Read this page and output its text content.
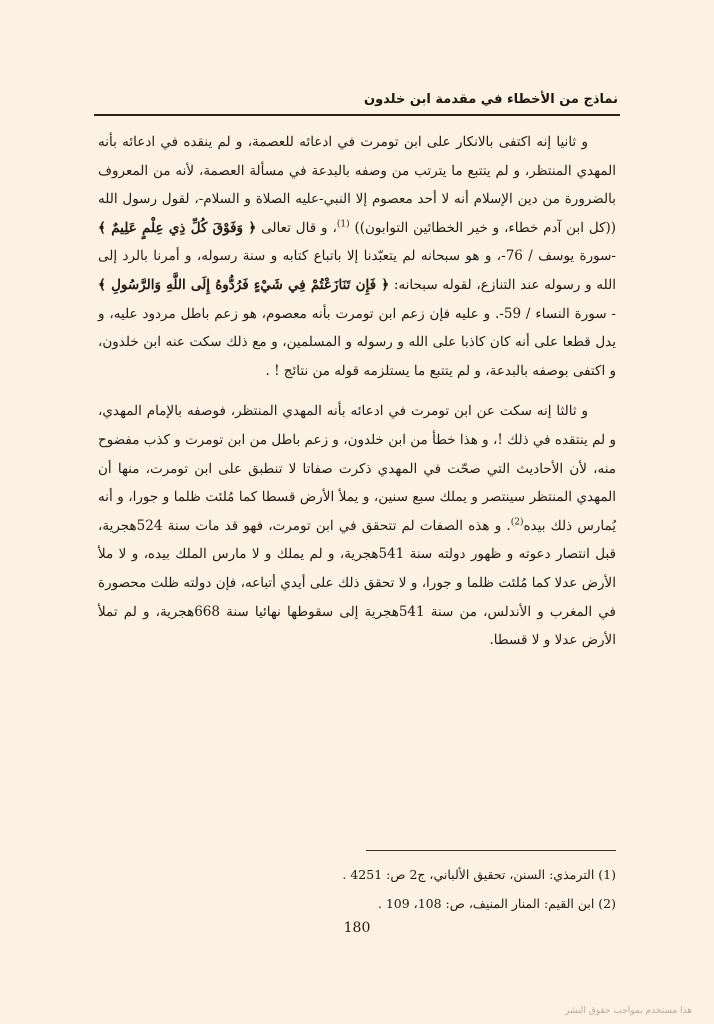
نماذج من الأخطاء في مقدمة ابن خلدون

و ثانيا إنه اكتفى بالانكار على ابن تومرت في ادعائه للعصمة، و لم ينقده في ادعائه بأنه المهدي المنتظر، و لم يتتبع ما يترتب من وصفه بالبدعة في مسألة العصمة، لأنه من المعروف بالضرورة من دين الإسلام أنه لا أحد معصوم إلا النبي-عليه الصلاة و السلام-، لقول رسول الله ((كل ابن آدم خطاء، و خير الخطائين التوابون)) $^{(1)}$، و قال تعالى ﴿ وَفَوْقَ كُلِّ ذِي عِلْمٍ عَلِيمٌ ﴾ -سورة يوسف / 76-، و هو سبحانه لم يتعبّدنا إلا باتباع كتابه و سنة رسوله، و أمرنا بالرد إلى الله و رسوله عند التنازع، لقوله سبحانه: ﴿ فَإِن تَنَازَعْتُمْ فِي شَيْءٍ فَرُدُّوهُ إِلَى اللَّهِ وَالرَّسُولِ ﴾ - سورة النساء / 59-. و عليه فإن زعم ابن تومرت بأنه معصوم، هو زعم باطل مردود عليه، و يدل قطعا على أنه كان كاذبا على الله و رسوله و المسلمين، و مع ذلك سكت عنه ابن خلدون، و اكتفى بوصفه بالبدعة، و لم يتتبع ما يستلزمه قوله من نتائج ! .

و ثالثا إنه سكت عن ابن تومرت في ادعائه بأنه المهدي المنتظر، فوصفه بالإمام المهدي، و لم ينتقده في ذلك !، و هذا خطأ من ابن خلدون، و زعم باطل من ابن تومرت و كذب مفضوح منه، لأن الأحاديث التي صحّت في المهدي ذكرت صفاتا لا تنطبق على ابن تومرت، منها أن المهدي المنتظر سينتصر و يملك سبع سنين، و يملأ الأرض قسطا كما مُلئت ظلما و جورا، و أنه يُمارس ذلك بيده$^{(2)}$. و هذه الصفات لم تتحقق في ابن تومرت، فهو قد مات سنة 524هجرية، قبل انتصار دعوته و ظهور دولته سنة 541هجرية، و لم يملك و لا مارس الملك بيده، و لا ملأ الأرض عدلا كما مُلئت ظلما و جورا، و لا تحقق ذلك على أيدي أتباعه، فإن دولته ظلت محصورة في المغرب و الأندلس، من سنة 541هجرية إلى سقوطها نهائيا سنة 668هجرية، و لم تملأ الأرض عدلا و لا قسطا.

(1) الترمذي: السنن، تحقيق الألباني، ج2 ص: 4251 .

(2) ابن القيم: المنار المنيف، ص: 108، 109 .

180
هذا مستخدم بمواجب حقوق النشر
